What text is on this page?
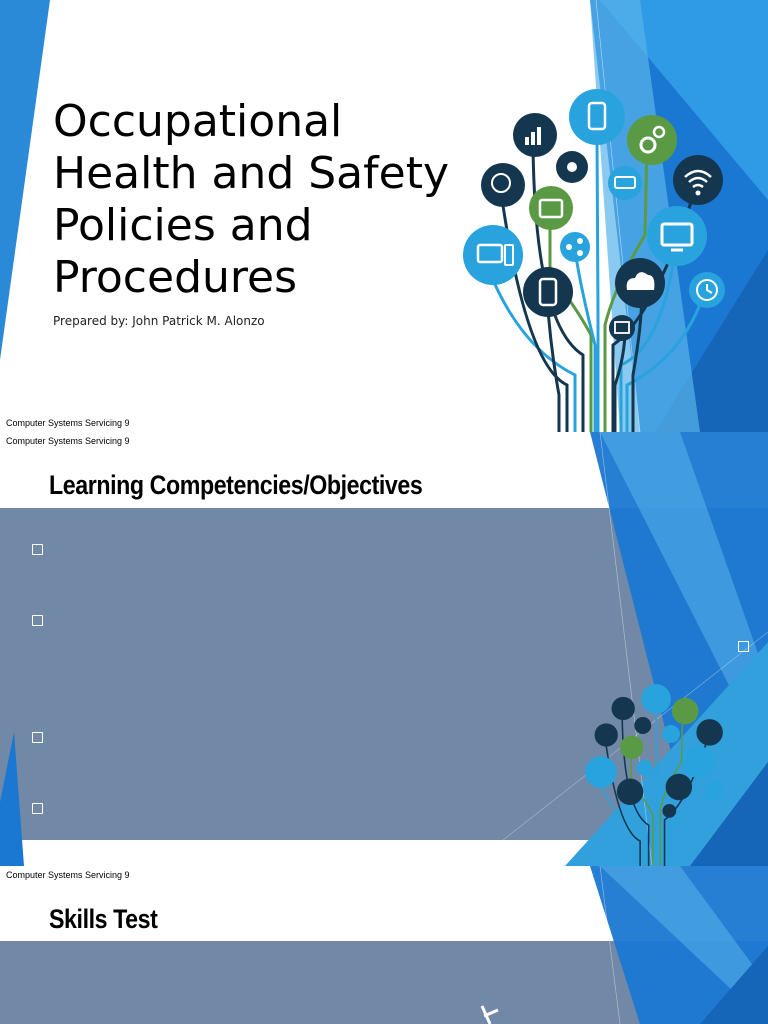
Occupational
Health and Safety
Policies and
Procedures
Prepared by: John Patrick M. Alonzo
Computer Systems Servicing 9
Computer Systems Servicing 9
Learning Competencies/Objectives
Computer Systems Servicing 9
Skills Test
